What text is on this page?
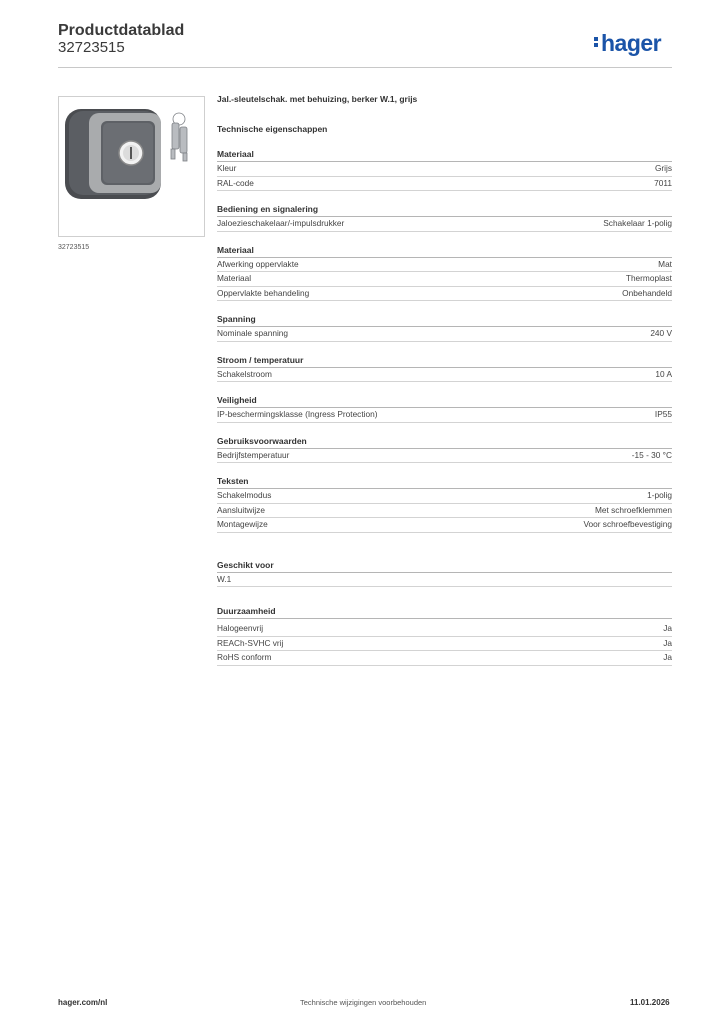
Productdatablad
32723515	hager
32723515
Jal.-sleutelschak. met behuizing, berker W.1, grijs
Technische eigenschappen
Materiaal
Kleur	Grijs
RAL-code	7011
Bediening en signalering
Jaloezieschakelaar/-impulsdrukker	Schakelaar 1-polig
Materiaal
Afwerking oppervlakte	Mat
Materiaal	Thermoplast
Oppervlakte behandeling	Onbehandeld
Spanning
Nominale spanning	240 V
Stroom / temperatuur
Schakelstroom	10 A
Veiligheid
IP-beschermingsklasse (Ingress Protection)	IP55
Gebruiksvoorwaarden
Bedrijfstemperatuur	-15 - 30 °C
Teksten
Schakelmodus	1-polig
Aansluitwijze	Met schroefklemmen
Montagewijze	Voor schroefbevestiging
Geschikt voor
W.1
Duurzaamheid
Halogeenvrij	Ja
REACh-SVHC vrij	Ja
RoHS conform	Ja
hager.com/nl	Technische wijzigingen voorbehouden	11.01.2026
